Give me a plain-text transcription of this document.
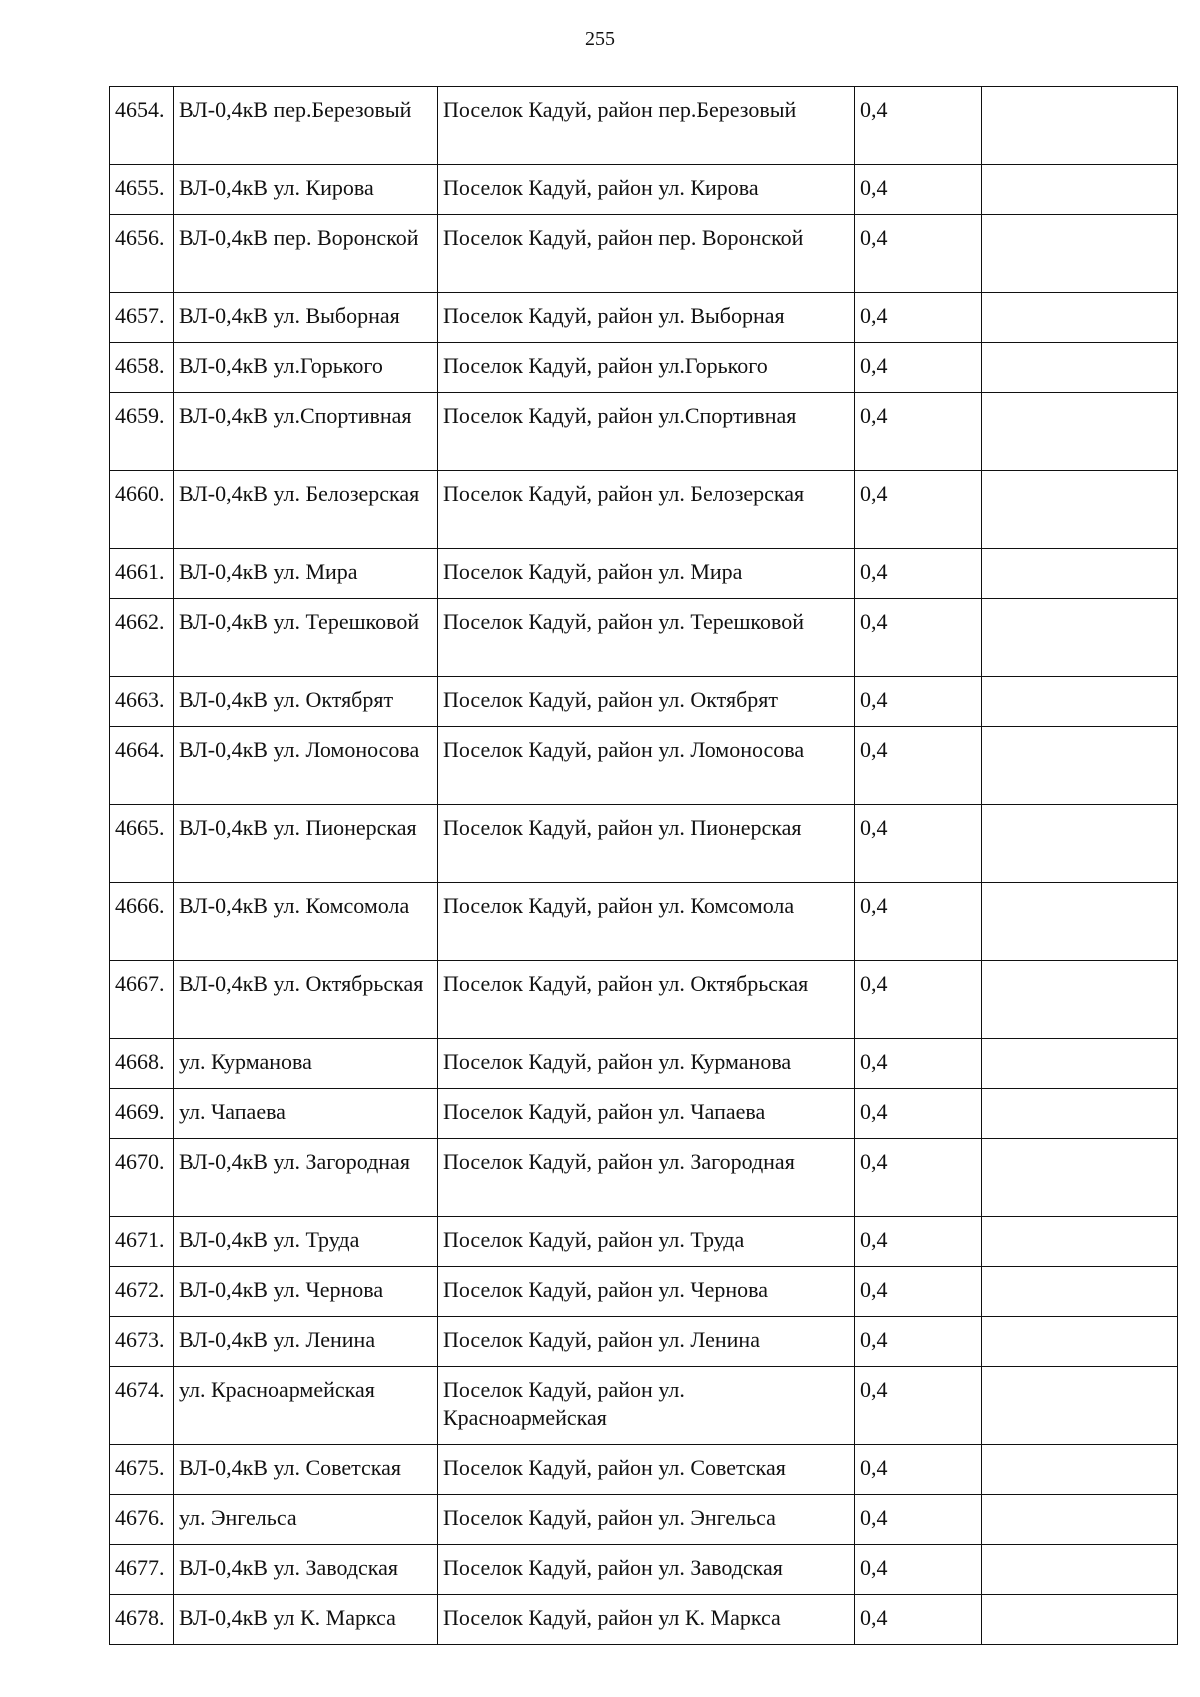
255
4654.	ВЛ-0,4кВ пер.Березовый	Поселок Кадуй, район пер.Березовый	0,4	
4655.	ВЛ-0,4кВ ул. Кирова	Поселок Кадуй, район ул. Кирова	0,4	
4656.	ВЛ-0,4кВ пер. Воронской	Поселок Кадуй, район пер. Воронской	0,4	
4657.	ВЛ-0,4кВ ул. Выборная	Поселок Кадуй, район ул. Выборная	0,4	
4658.	ВЛ-0,4кВ ул.Горького	Поселок Кадуй, район ул.Горького	0,4	
4659.	ВЛ-0,4кВ ул.Спортивная	Поселок Кадуй, район ул.Спортивная	0,4	
4660.	ВЛ-0,4кВ ул. Белозерская	Поселок Кадуй, район ул. Белозерская	0,4	
4661.	ВЛ-0,4кВ ул. Мира	Поселок Кадуй, район ул. Мира	0,4	
4662.	ВЛ-0,4кВ ул. Терешковой	Поселок Кадуй, район ул. Терешковой	0,4	
4663.	ВЛ-0,4кВ ул. Октябрят	Поселок Кадуй, район ул. Октябрят	0,4	
4664.	ВЛ-0,4кВ ул. Ломоносова	Поселок Кадуй, район ул. Ломоносова	0,4	
4665.	ВЛ-0,4кВ ул. Пионерская	Поселок Кадуй, район ул. Пионерская	0,4	
4666.	ВЛ-0,4кВ ул. Комсомола	Поселок Кадуй, район ул. Комсомола	0,4	
4667.	ВЛ-0,4кВ ул. Октябрьская	Поселок Кадуй, район ул. Октябрьская	0,4	
4668.	ул. Курманова	Поселок Кадуй, район ул. Курманова	0,4	
4669.	ул. Чапаева	Поселок Кадуй, район ул. Чапаева	0,4	
4670.	ВЛ-0,4кВ ул. Загородная	Поселок Кадуй, район ул. Загородная	0,4	
4671.	ВЛ-0,4кВ ул. Труда	Поселок Кадуй, район ул. Труда	0,4	
4672.	ВЛ-0,4кВ ул. Чернова	Поселок Кадуй, район ул. Чернова	0,4	
4673.	ВЛ-0,4кВ ул. Ленина	Поселок Кадуй, район ул. Ленина	0,4	
4674.	ул. Красноармейская	Поселок Кадуй, район ул. Красноармейская	0,4	
4675.	ВЛ-0,4кВ ул. Советская	Поселок Кадуй, район ул. Советская	0,4	
4676.	ул. Энгельса	Поселок Кадуй, район ул. Энгельса	0,4	
4677.	ВЛ-0,4кВ ул. Заводская	Поселок Кадуй, район ул. Заводская	0,4	
4678.	ВЛ-0,4кВ ул К. Маркса	Поселок Кадуй, район ул К. Маркса	0,4	
